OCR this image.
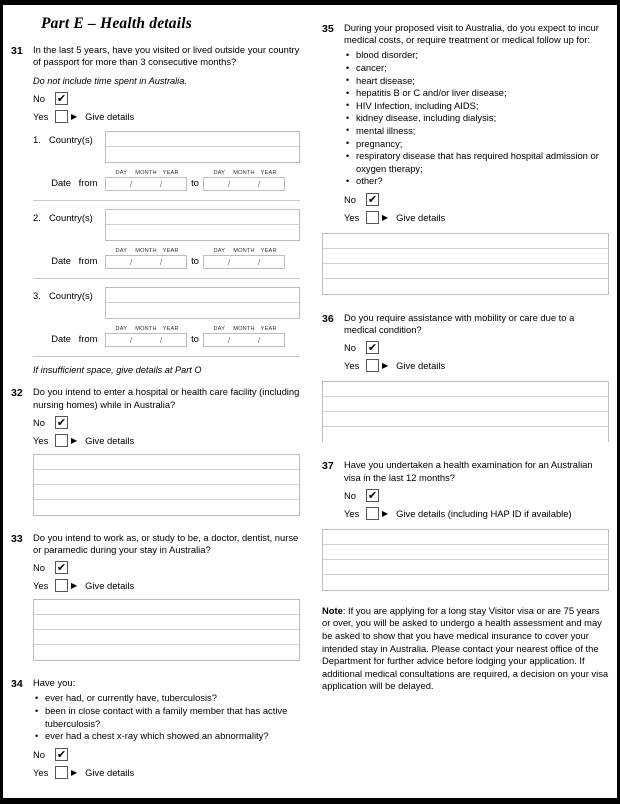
Part E – Health details
31	In the last 5 years, have you visited or lived outside your country of passport for more than 3 consecutive months?
Do not include time spent in Australia.
No	✔
Yes	▶ Give details
1. Country(s)
Date from
DAY	MONTH	YEAR
/	/	to
DAY	MONTH	YEAR
/	/
2. Country(s)
Date from
DAY	MONTH	YEAR
/	/	to
DAY	MONTH	YEAR
/	/
3. Country(s)
Date from
DAY	MONTH	YEAR
/	/	to
DAY	MONTH	YEAR
/	/
If insufficient space, give details at Part O
32	Do you intend to enter a hospital or health care facility (including nursing homes) while in Australia?
No	✔
Yes	▶ Give details
33	Do you intend to work as, or study to be, a doctor, dentist, nurse or paramedic during your stay in Australia?
No	✔
Yes	▶ Give details
34	Have you:
• ever had, or currently have, tuberculosis?
• been in close contact with a family member that has active tuberculosis?
• ever had a chest x-ray which showed an abnormality?
No	✔
Yes	▶ Give details
35	During your proposed visit to Australia, do you expect to incur medical costs, or require treatment or medical follow up for:
• blood disorder;
• cancer;
• heart disease;
• hepatitis B or C and/or liver disease;
• HIV Infection, including AIDS;
• kidney disease, including dialysis;
• mental illness;
• pregnancy;
• respiratory disease that has required hospital admission or oxygen therapy;
• other?
No	✔
Yes	▶ Give details
36	Do you require assistance with mobility or care due to a medical condition?
No	✔
Yes	▶ Give details
37	Have you undertaken a health examination for an Australian visa in the last 12 months?
No	✔
Yes	▶ Give details (including HAP ID if available)
Note: If you are applying for a long stay Visitor visa or are 75 years or over, you will be asked to undergo a health assessment and may be asked to show that you have medical insurance to cover your intended stay in Australia. Please contact your nearest office of the Department for further advice before lodging your application. If additional medical consultations are required, a decision on your visa application will be delayed.
